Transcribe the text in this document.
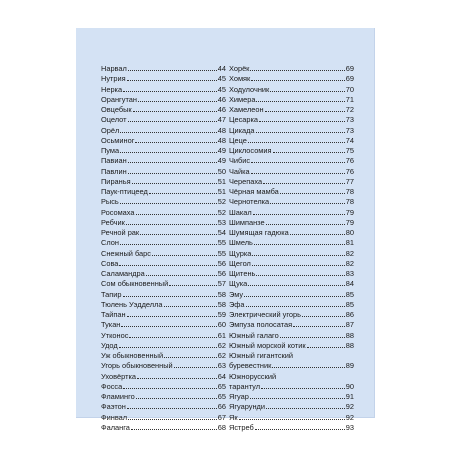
Нарвал	44
Нутрия	45
Нерка	45
Орангутан	46
Овцебык	46
Оцелот	47
Орёл	48
Осьминог	48
Пума	49
Павиан	49
Павлин	50
Пиранья	51
Паук-птицеед	51
Рысь	52
Росомаха	52
Ребчик	53
Речной рак	54
Слон	55
Снежный барс	55
Сова	56
Саламандра	56
Сом обыкновенный	57
Тапир	58
Тюлень Уэдделла	58
Тайпан	59
Тукан	60
Утконос	61
Удод	62
Уж обыкновенный	62
Угорь обыкновенный	63
Уховёртка	64
Фосса	65
Фламинго	65
Фаэтон	66
Финвал	67
Фаланга	68
Хорёк	69
Хомяк	69
Ходулочник	70
Химера	71
Хамелеон	72
Цесарка	73
Цикада	73
Цеце	74
Циклосомия	75
Чибис	76
Чайка	76
Черепаха	77
Чёрная мамба	78
Чернотелка	78
Шакал	79
Шимпанзе	79
Шумящая гадюка	80
Шмель	81
Щурка	82
Щегол	82
Щитень	83
Щука	84
Эму	85
Эфа	85
Электрический угорь	86
Эмпуза полосатая	87
Южный галаго	88
Южный морской котик	88
Южный гигантский
буревестник	89
Южнорусский
тарантул	90
Ягуар	91
Ягуарунди	92
Як	92
Ястреб	93
